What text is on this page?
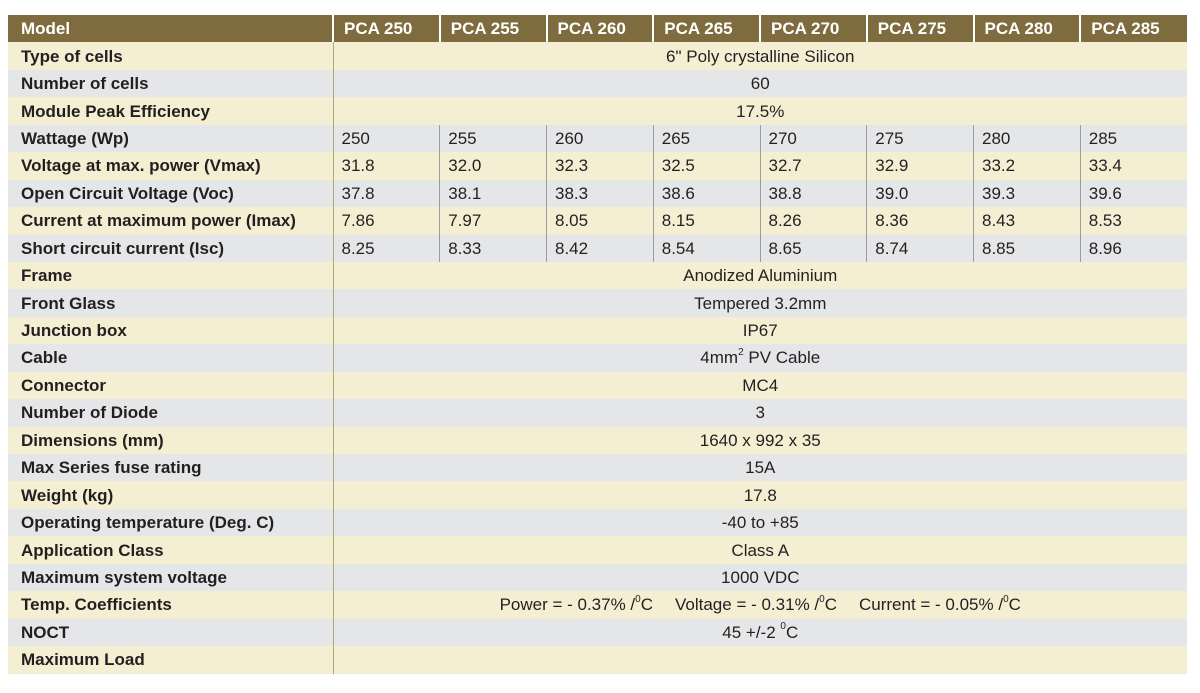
Model	PCA 250	PCA 255	PCA 260	PCA 265	PCA 270	PCA 275	PCA 280	PCA 285
Type of cells	6" Poly crystalline Silicon							
Number of cells	60							
Module Peak Efficiency	17.5%							
Wattage (Wp)	250	255	260	265	270	275	280	285
Voltage at max. power (Vmax)	31.8	32.0	32.3	32.5	32.7	32.9	33.2	33.4
Open Circuit Voltage (Voc)	37.8	38.1	38.3	38.6	38.8	39.0	39.3	39.6
Current at maximum power (Imax)	7.86	7.97	8.05	8.15	8.26	8.36	8.43	8.53
Short circuit current (Isc)	8.25	8.33	8.42	8.54	8.65	8.74	8.85	8.96
Frame	Anodized Aluminium							
Front Glass	Tempered 3.2mm							
Junction box	IP67							
Cable	$4mm^2$ PV Cable							
Connector	MC4							
Number of Diode	3							
Dimensions (mm)	1640 x 992 x 35							
Max Series fuse rating	15A							
Weight (kg)	17.8							
Operating temperature (Deg. C)	-40 to +85							
Application Class	Class A							
Maximum system voltage	1000 VDC							
Temp. Coefficients	Power = - 0.37% /$^0$C Voltage = - 0.31% /$^0$C Current = - 0.05% /$^0$C							
NOCT	45 +/-2 $^0$C							
Maximum Load								
